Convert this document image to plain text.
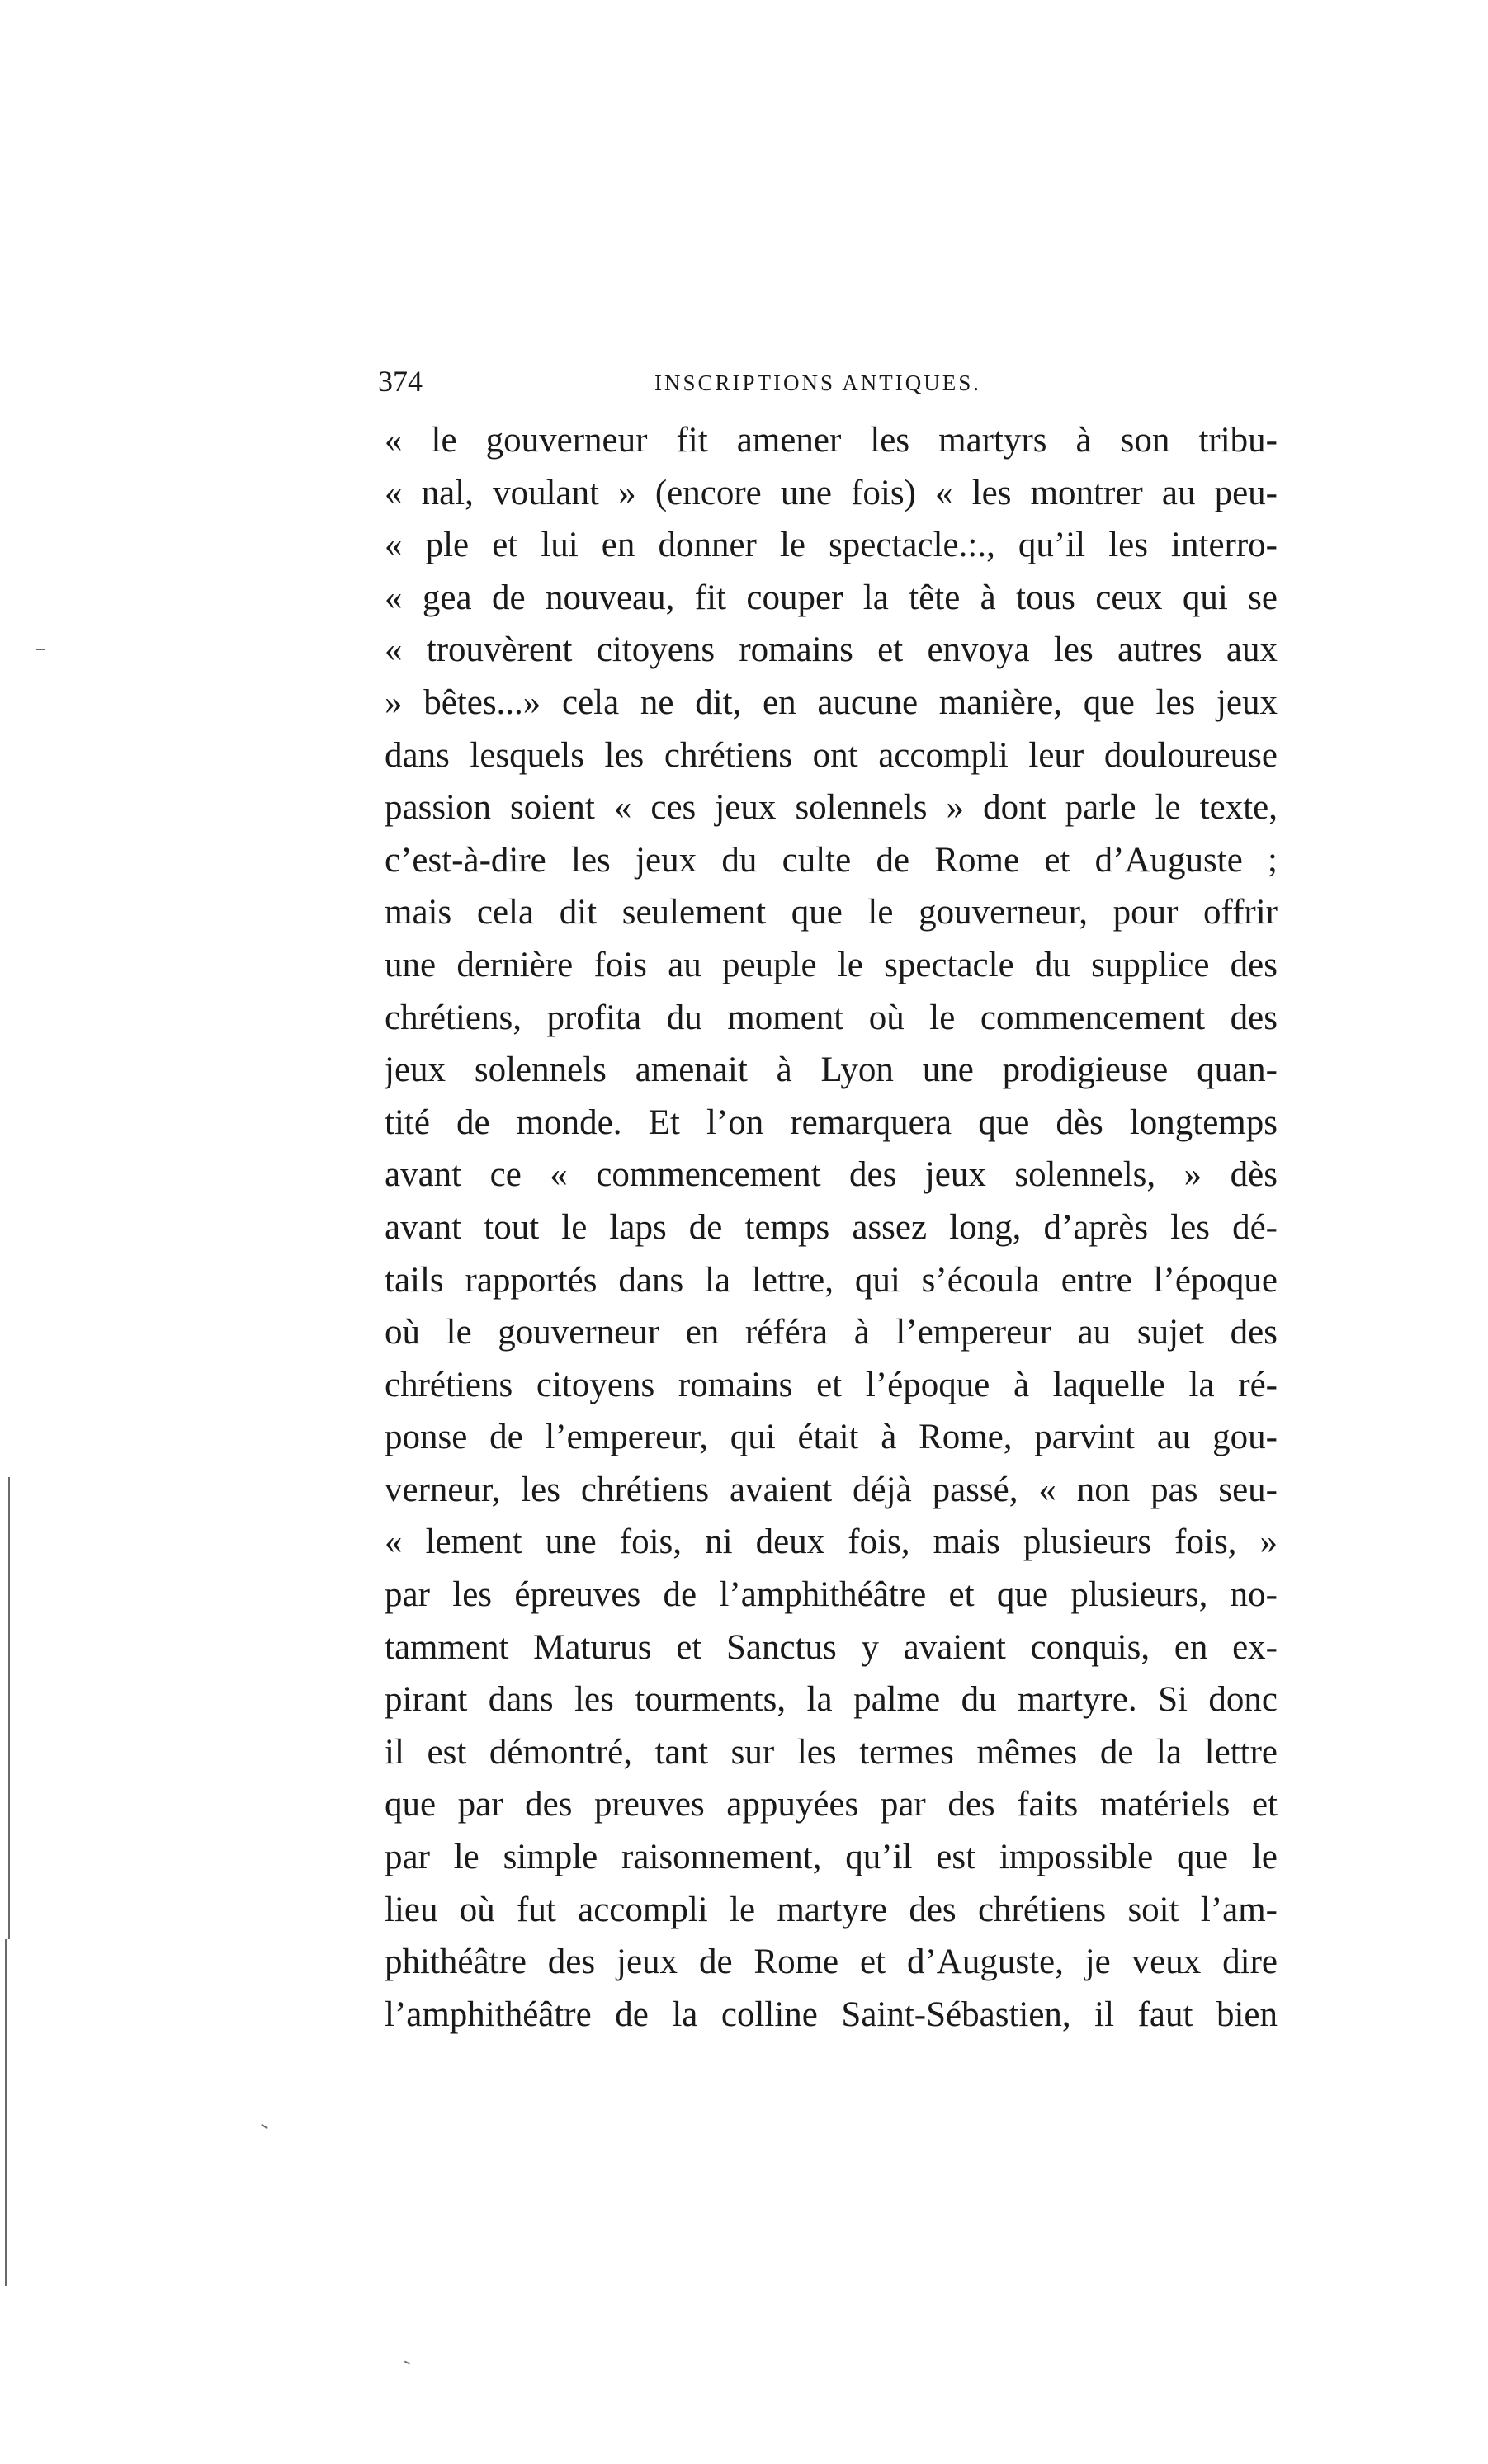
374	INSCRIPTIONS ANTIQUES.
« le gouverneur fit amener les martyrs à son tribu-
« nal, voulant » (encore une fois) « les montrer au peu-
« ple et lui en donner le spectacle.:., qu’il les interro-
« gea de nouveau, fit couper la tête à tous ceux qui se
« trouvèrent citoyens romains et envoya les autres aux
» bêtes...» cela ne dit, en aucune manière, que les jeux
dans lesquels les chrétiens ont accompli leur douloureuse
passion soient « ces jeux solennels » dont parle le texte,
c’est-à-dire les jeux du culte de Rome et d’Auguste ;
mais cela dit seulement que le gouverneur, pour offrir
une dernière fois au peuple le spectacle du supplice des
chrétiens, profita du moment où le commencement des
jeux solennels amenait à Lyon une prodigieuse quan-
tité de monde. Et l’on remarquera que dès longtemps
avant ce « commencement des jeux solennels, » dès
avant tout le laps de temps assez long, d’après les dé-
tails rapportés dans la lettre, qui s’écoula entre l’époque
où le gouverneur en référa à l’empereur au sujet des
chrétiens citoyens romains et l’époque à laquelle la ré-
ponse de l’empereur, qui était à Rome, parvint au gou-
verneur, les chrétiens avaient déjà passé, « non pas seu-
« lement une fois, ni deux fois, mais plusieurs fois, »
par les épreuves de l’amphithéâtre et que plusieurs, no-
tamment Maturus et Sanctus y avaient conquis, en ex-
pirant dans les tourments, la palme du martyre. Si donc
il est démontré, tant sur les termes mêmes de la lettre
que par des preuves appuyées par des faits matériels et
par le simple raisonnement, qu’il est impossible que le
lieu où fut accompli le martyre des chrétiens soit l’am-
phithéâtre des jeux de Rome et d’Auguste, je veux dire
l’amphithéâtre de la colline Saint-Sébastien, il faut bien
